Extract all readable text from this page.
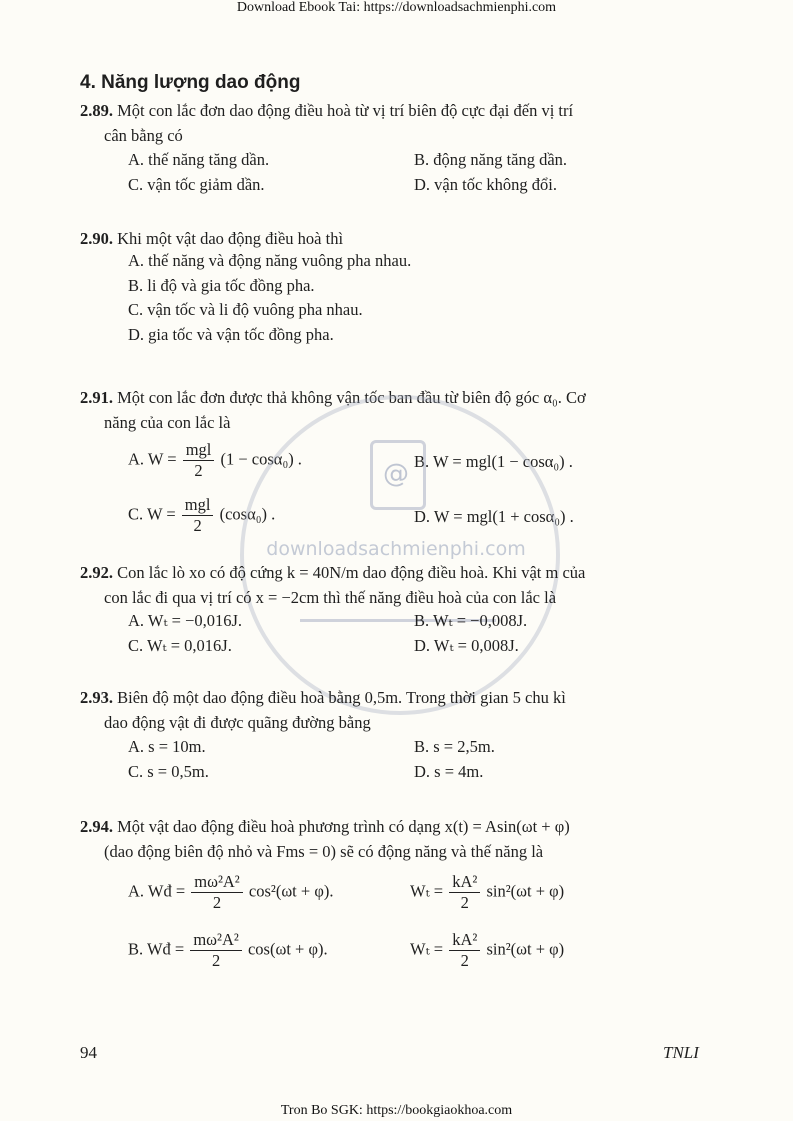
Download Ebook Tai: https://downloadsachmienphi.com
4. Năng lượng dao động
2.89. Một con lắc đơn dao động điều hoà từ vị trí biên độ cực đại đến vị trí
cân bằng có
A. thế năng tăng dần.	B. động năng tăng dần.
C. vận tốc giảm dần.	D. vận tốc không đổi.
2.90. Khi một vật dao động điều hoà thì
A. thế năng và động năng vuông pha nhau.
B. li độ và gia tốc đồng pha.
C. vận tốc và li độ vuông pha nhau.
D. gia tốc và vận tốc đồng pha.
2.91. Một con lắc đơn được thả không vận tốc ban đầu từ biên độ góc α₀. Cơ
năng của con lắc là
A. $W = \frac{\text{mgl}}{2} (1 - \cos\alpha_0)$ .	B. W = mgl(1 − cosα₀) .
C. $W = \frac{\text{mgl}}{2} (\cos\alpha_0)$ .	D. W = mgl(1 + cosα₀) .
@
downloadsachmienphi.com
2.92. Con lắc lò xo có độ cứng k = 40N/m dao động điều hoà. Khi vật m của
con lắc đi qua vị trí có x = −2cm thì thế năng điều hoà của con lắc là
A. Wₜ = −0,016J.	B. Wₜ = −0,008J.
C. Wₜ = 0,016J.	D. Wₜ = 0,008J.
2.93. Biên độ một dao động điều hoà bằng 0,5m. Trong thời gian 5 chu kì
dao động vật đi được quãng đường bằng
A. s = 10m.	B. s = 2,5m.
C. s = 0,5m.	D. s = 4m.
2.94. Một vật dao động điều hoà phương trình có dạng x(t) = Asin(ωt + φ)
(dao động biên độ nhỏ và Fms = 0) sẽ có động năng và thế năng là
A. Wđ = $\frac{\text{mω²A²}}{2} \cos^2(\omega t + \varphi)$.	$W_t = \frac{\text{kA²}}{2} \sin^2(\omega t + \varphi)$
B. Wđ = $\frac{\text{mω²A²}}{2} \cos(\omega t + \varphi)$.	$W_t = \frac{\text{kA²}}{2} \sin^2(\omega t + \varphi)$
94	TNLI
Tron Bo SGK: https://bookgiaokhoa.com
